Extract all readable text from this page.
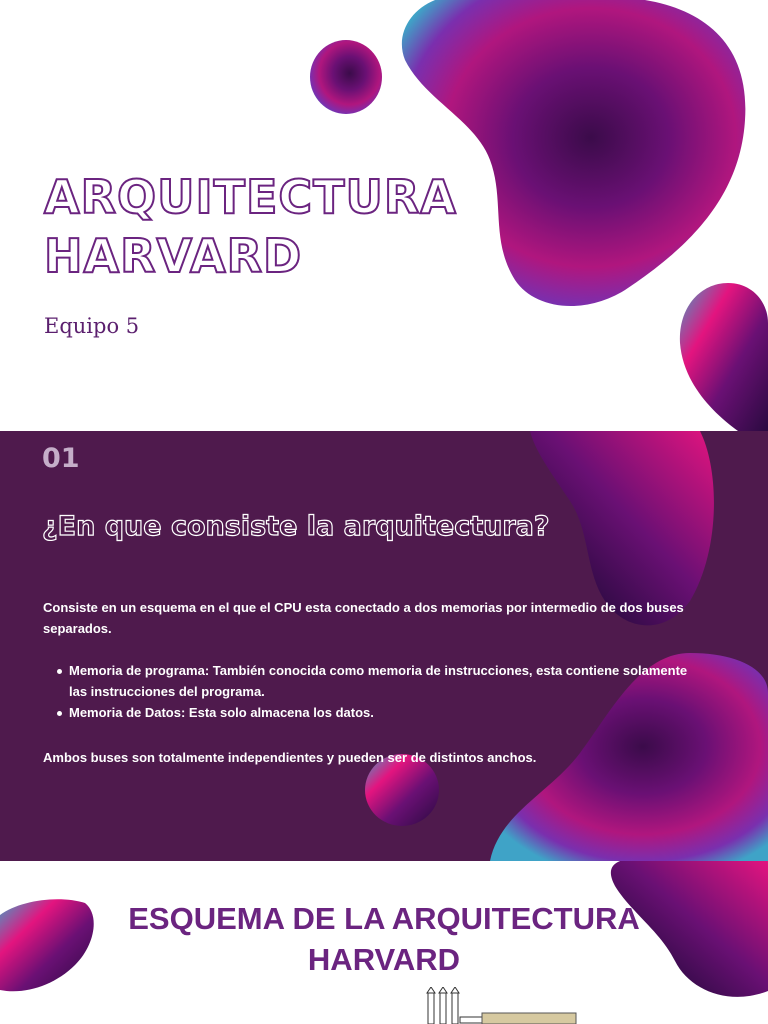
ARQUITECTURA
HARVARD
Equipo 5
01
¿En que consiste la arquitectura?

Consiste en un esquema en el que el CPU esta conectado a dos memorias por intermedio de dos buses separados.

Memoria de programa: También conocida como memoria de instrucciones, esta contiene solamente las instrucciones del programa.
Memoria de Datos: Esta solo almacena los datos.

Ambos buses son totalmente independientes y pueden ser de distintos anchos.

ESQUEMA DE LA ARQUITECTURA
HARVARD
